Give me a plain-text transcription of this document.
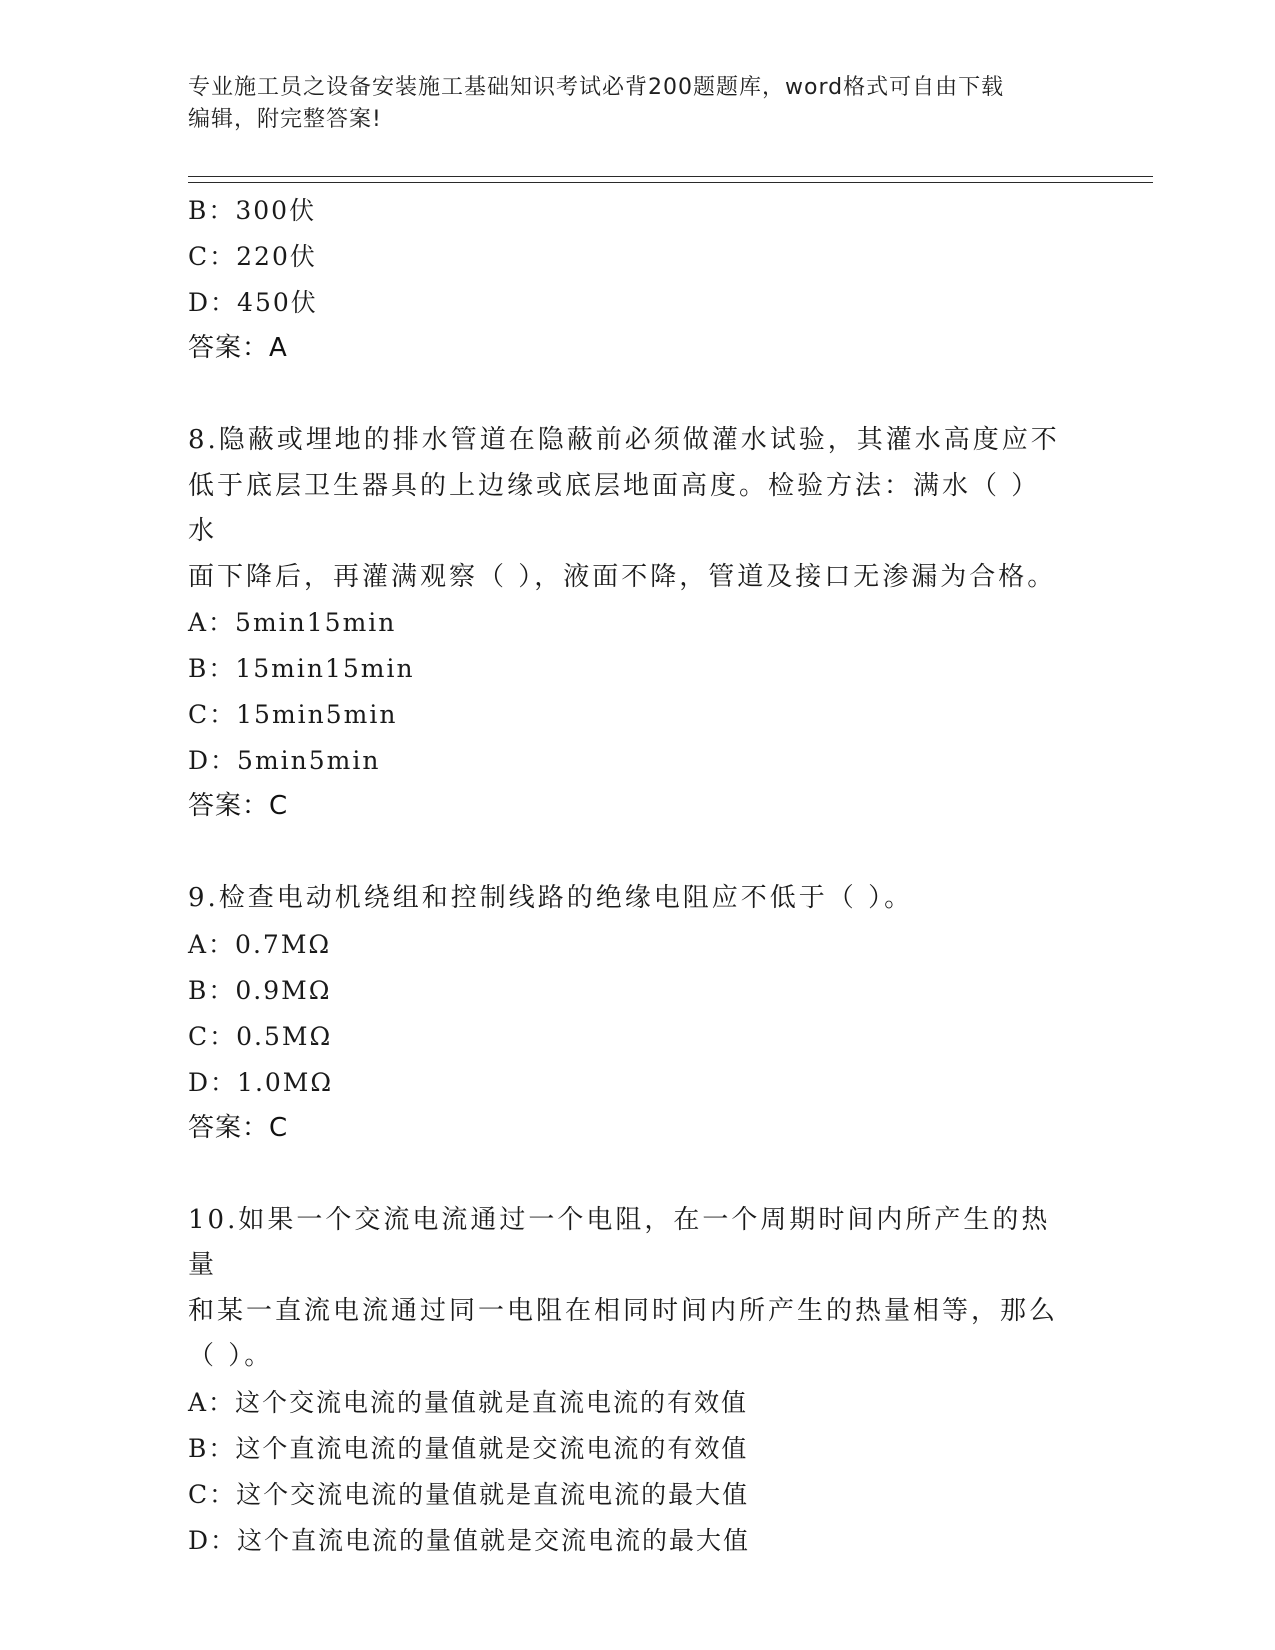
专业施工员之设备安装施工基础知识考试必背200题题库，word格式可自由下载
编辑，附完整答案!
B：300伏
C：220伏
D：450伏
答案：A
8.隐蔽或埋地的排水管道在隐蔽前必须做灌水试验，其灌水高度应不
低于底层卫生器具的上边缘或底层地面高度。检验方法：满水（ ）水
面下降后，再灌满观察（ ），液面不降，管道及接口无渗漏为合格。
A：5min15min
B：15min15min
C：15min5min
D：5min5min
答案：C
9.检查电动机绕组和控制线路的绝缘电阻应不低于（ ）。
A：0.7MΩ
B：0.9MΩ
C：0.5MΩ
D：1.0MΩ
答案：C
10.如果一个交流电流通过一个电阻，在一个周期时间内所产生的热量
和某一直流电流通过同一电阻在相同时间内所产生的热量相等，那么
（ ）。
A：这个交流电流的量值就是直流电流的有效值
B：这个直流电流的量值就是交流电流的有效值
C：这个交流电流的量值就是直流电流的最大值
D：这个直流电流的量值就是交流电流的最大值
